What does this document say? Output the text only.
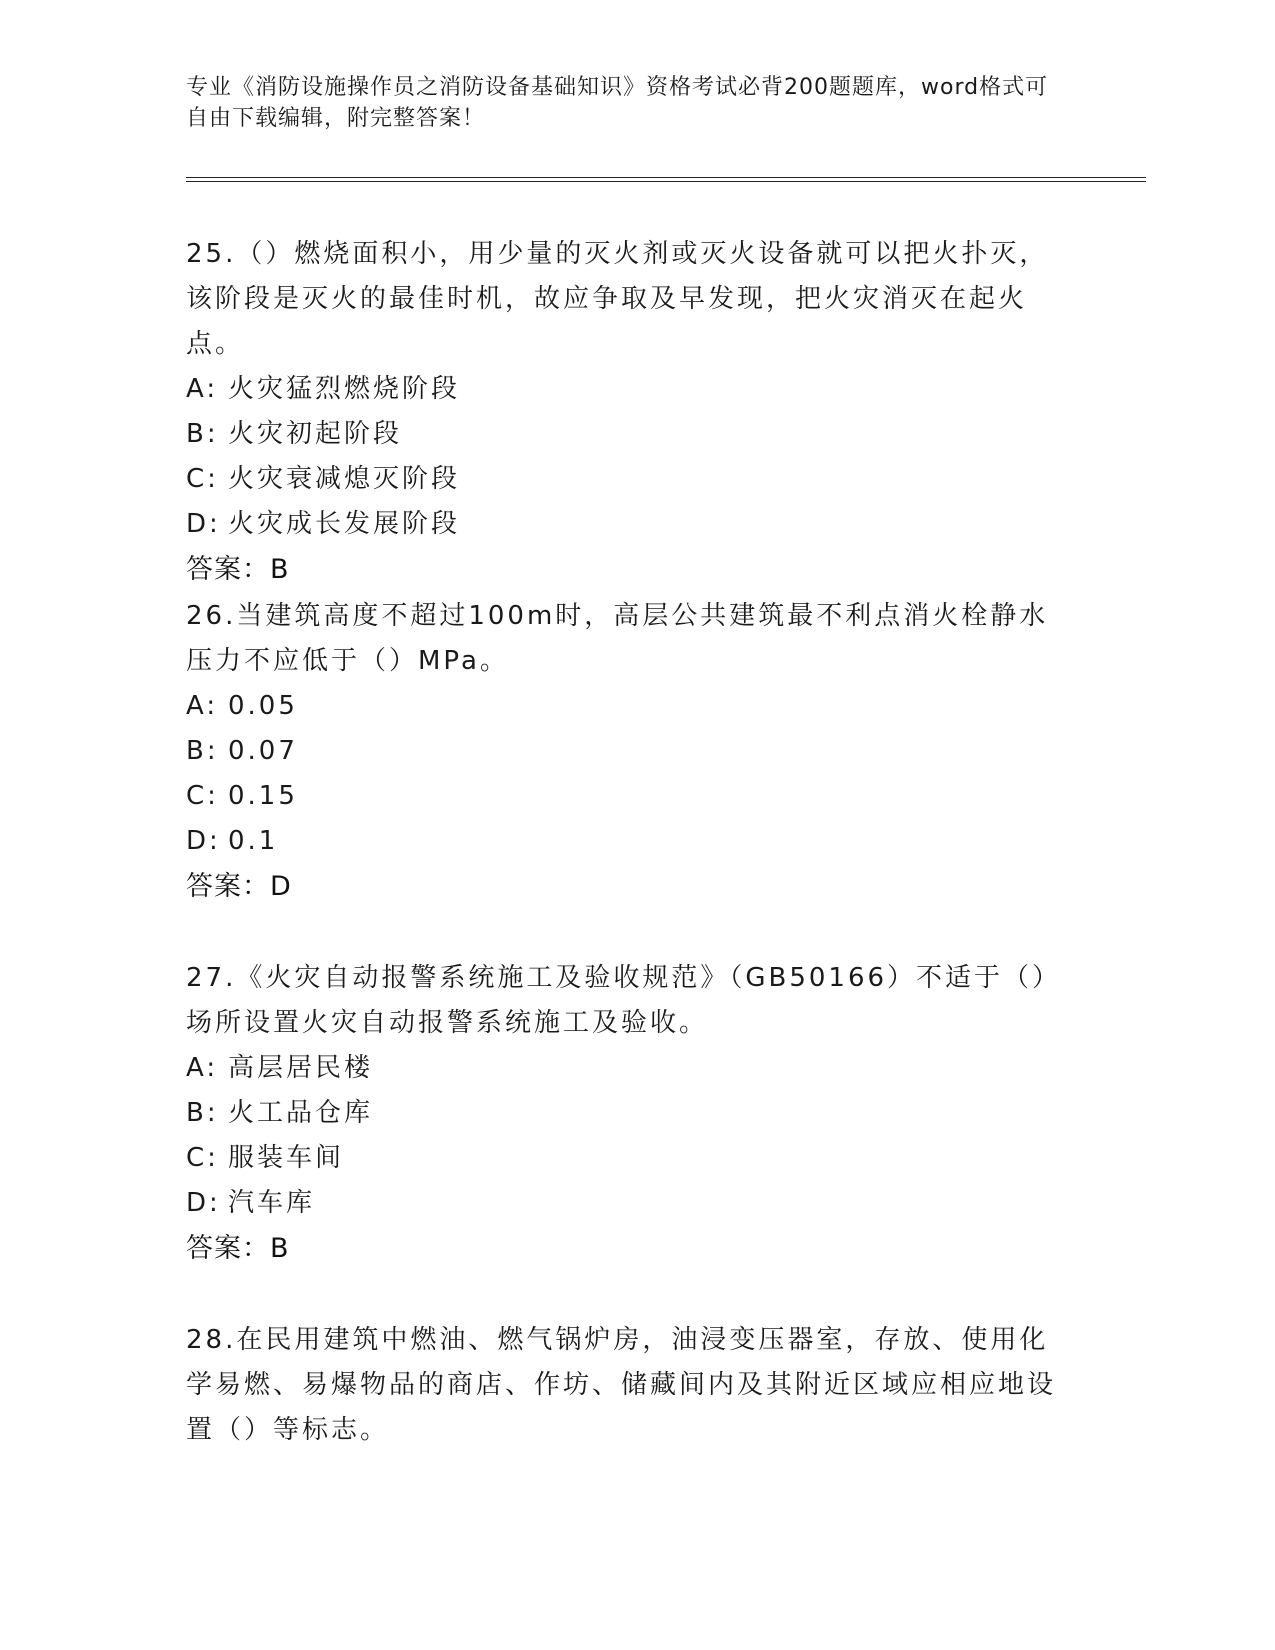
专业《消防设施操作员之消防设备基础知识》资格考试必背200题题库，word格式可自由下载编辑，附完整答案！

25.（）燃烧面积小，用少量的灭火剂或灭火设备就可以把火扑灭，该阶段是灭火的最佳时机，故应争取及早发现，把火灾消灭在起火点。

A: 火灾猛烈燃烧阶段

B: 火灾初起阶段

C: 火灾衰减熄灭阶段

D: 火灾成长发展阶段

答案：B

26.当建筑高度不超过100m时，高层公共建筑最不利点消火栓静水压力不应低于（）MPa。

A: 0.05

B: 0.07

C: 0.15

D: 0.1

答案：D

27.《火灾自动报警系统施工及验收规范》（GB50166）不适于（）场所设置火灾自动报警系统施工及验收。

A: 高层居民楼

B: 火工品仓库

C: 服装车间

D: 汽车库

答案：B

28.在民用建筑中燃油、燃气锅炉房，油浸变压器室，存放、使用化学易燃、易爆物品的商店、作坊、储藏间内及其附近区域应相应地设置（）等标志。
